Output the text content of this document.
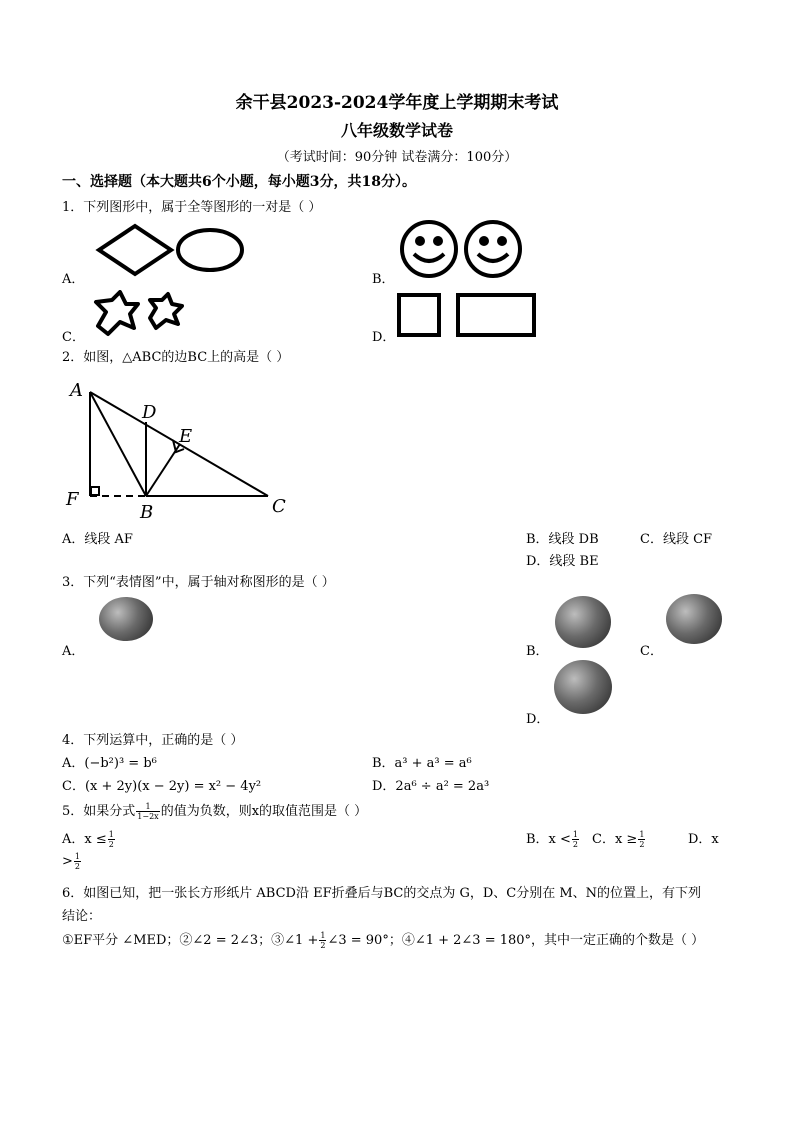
余干县2023-2024学年度上学期期末考试
八年级数学试卷
（考试时间：90分钟 试卷满分：100分）
一、选择题（本大题共6个小题，每小题3分，共18分）。
1．下列图形中，属于全等图形的一对是（ ）
A．	B．
C．	D．
2．如图，△ABC的边BC上的高是（ ）
A
D
E
F
B	C
A．线段 AF	B．线段 DB	C．线段 CF
D．线段 BE
3．下列“表情图”中，属于轴对称图形的是（ ）
A．	B．	C．
D．
4．下列运算中，正确的是（ ）
A．(−b²)³ = b⁶	B．a³ + a³ = a⁶
C．(x + 2y)(x − 2y) = x² − 4y²	D．2a⁶ ÷ a² = 2a³
5．如果分式 $\frac{1}{1-2x}$ 的值为负数，则x的取值范围是（ ）
A．$x \le \frac{1}{2}$	B．$x < \frac{1}{2}$ C．$x \ge \frac{1}{2}$	D．x
> $\frac{1}{2}$
6．如图已知，把一张长方形纸片 ABCD沿 EF折叠后与BC的交点为 G，D、C分别在 M、N的位置上，有下列
结论：
①EF平分 ∠MED；②∠2 = 2∠3；③∠1 + $\frac{1}{2}$ ∠3 = 90°；④∠1 + 2∠3 = 180°，其中一定正确的个数是（ ）
